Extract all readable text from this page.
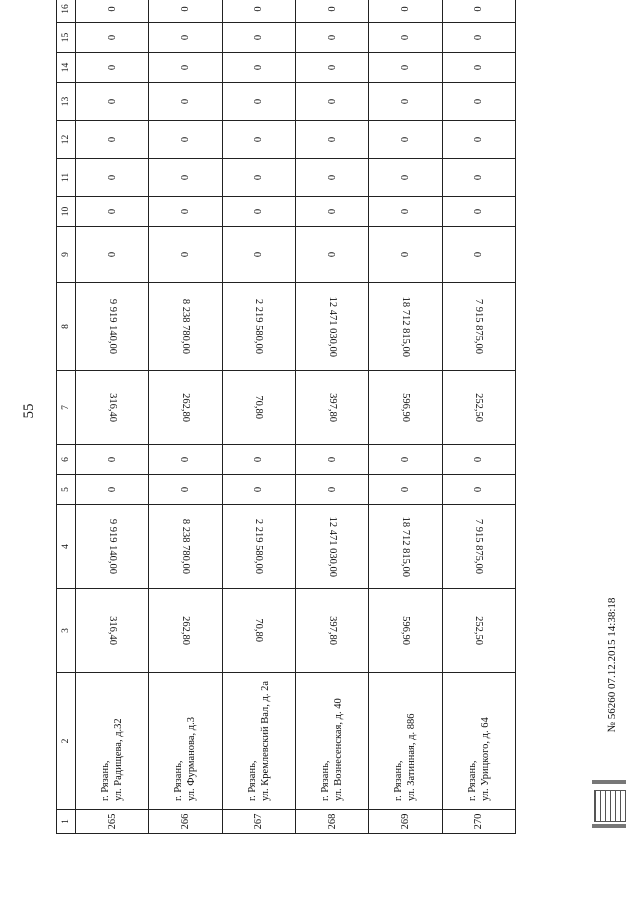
55
1	2	3	4	5	6	7	8	9	10	11	12	13	14	15	16
265	г. Рязань, ул. Радищева, д.32	316,40	9 919 140,00	0	0	316,40	9 919 140,00	0	0	0	0	0	0	0	0
266	г. Рязань, ул. Фурманова, д.3	262,80	8 238 780,00	0	0	262,80	8 238 780,00	0	0	0	0	0	0	0	0
267	г. Рязань, ул. Кремлевский Вал, д. 2а	70,80	2 219 580,00	0	0	70,80	2 219 580,00	0	0	0	0	0	0	0	0
268	г. Рязань, ул. Вознесенская, д. 40	397,80	12 471 030,00	0	0	397,80	12 471 030,00	0	0	0	0	0	0	0	0
269	г. Рязань, ул. Затинная, д. 886	596,90	18 712 815,00	0	0	596,90	18 712 815,00	0	0	0	0	0	0	0	0
270	г. Рязань, ул. Урицкого, д. 64	252,50	7 915 875,00	0	0	252,50	7 915 875,00	0	0	0	0	0	0	0	0
№ 56260 07.12.2015 14:38:18
